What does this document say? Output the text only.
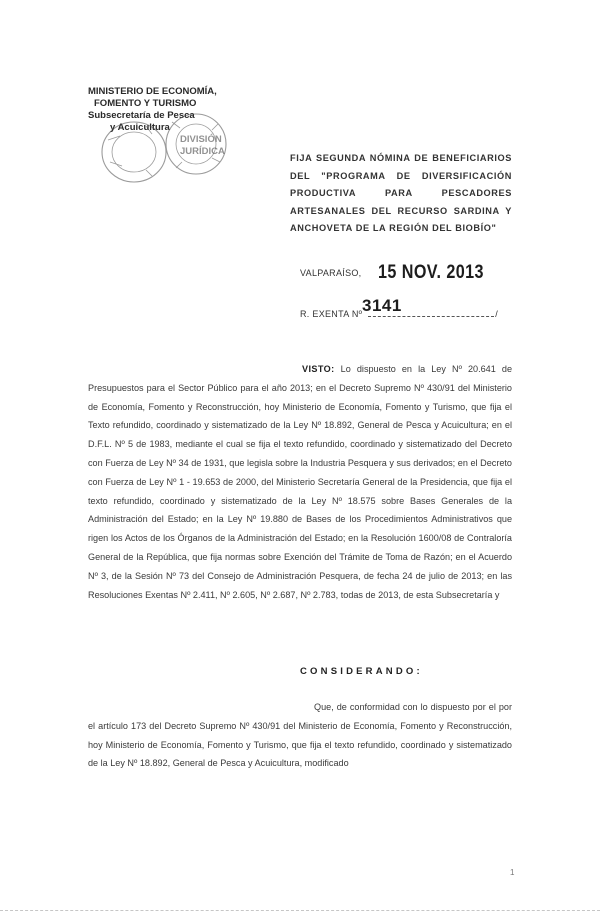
MINISTERIO DE ECONOMÍA,
FOMENTO Y TURISMO
Subsecretaría de Pesca
y Acuicultura
DIVISIÓN
JURÍDICA
FIJA SEGUNDA NÓMINA DE BENEFICIARIOS DEL "PROGRAMA DE DIVERSIFICACIÓN PRODUCTIVA PARA PESCADORES ARTESANALES DEL RECURSO SARDINA Y ANCHOVETA DE LA REGIÓN DEL BIOBÍO"
VALPARAÍSO, 15 NOV. 2013
R. EXENTA Nº	/
3141
VISTO: Lo dispuesto en la Ley Nº 20.641 de Presupuestos para el Sector Público para el año 2013; en el Decreto Supremo Nº 430/91 del Ministerio de Economía, Fomento y Reconstrucción, hoy Ministerio de Economía, Fomento y Turismo, que fija el Texto refundido, coordinado y sistematizado de la Ley Nº 18.892, General de Pesca y Acuicultura; en el D.F.L. Nº 5 de 1983, mediante el cual se fija el texto refundido, coordinado y sistematizado del Decreto con Fuerza de Ley Nº 34 de 1931, que legisla sobre la Industria Pesquera y sus derivados; en el Decreto con Fuerza de Ley Nº 1 - 19.653 de 2000, del Ministerio Secretaría General de la Presidencia, que fija el texto refundido, coordinado y sistematizado de la Ley Nº 18.575 sobre Bases Generales de la Administración del Estado; en la Ley Nº 19.880 de Bases de los Procedimientos Administrativos que rigen los Actos de los Órganos de la Administración del Estado; en la Resolución 1600/08 de Contraloría General de la República, que fija normas sobre Exención del Trámite de Toma de Razón; en el Acuerdo Nº 3, de la Sesión Nº 73 del Consejo de Administración Pesquera, de fecha 24 de julio de 2013; en las Resoluciones Exentas Nº 2.411, Nº 2.605, Nº 2.687, Nº 2.783, todas de 2013, de esta Subsecretaría y
CONSIDERANDO:
Que, de conformidad con lo dispuesto por el por el artículo 173 del Decreto Supremo Nº 430/91 del Ministerio de Economía, Fomento y Reconstrucción, hoy Ministerio de Economía, Fomento y Turismo, que fija el texto refundido, coordinado y sistematizado de la Ley Nº 18.892, General de Pesca y Acuicultura, modificado
1
